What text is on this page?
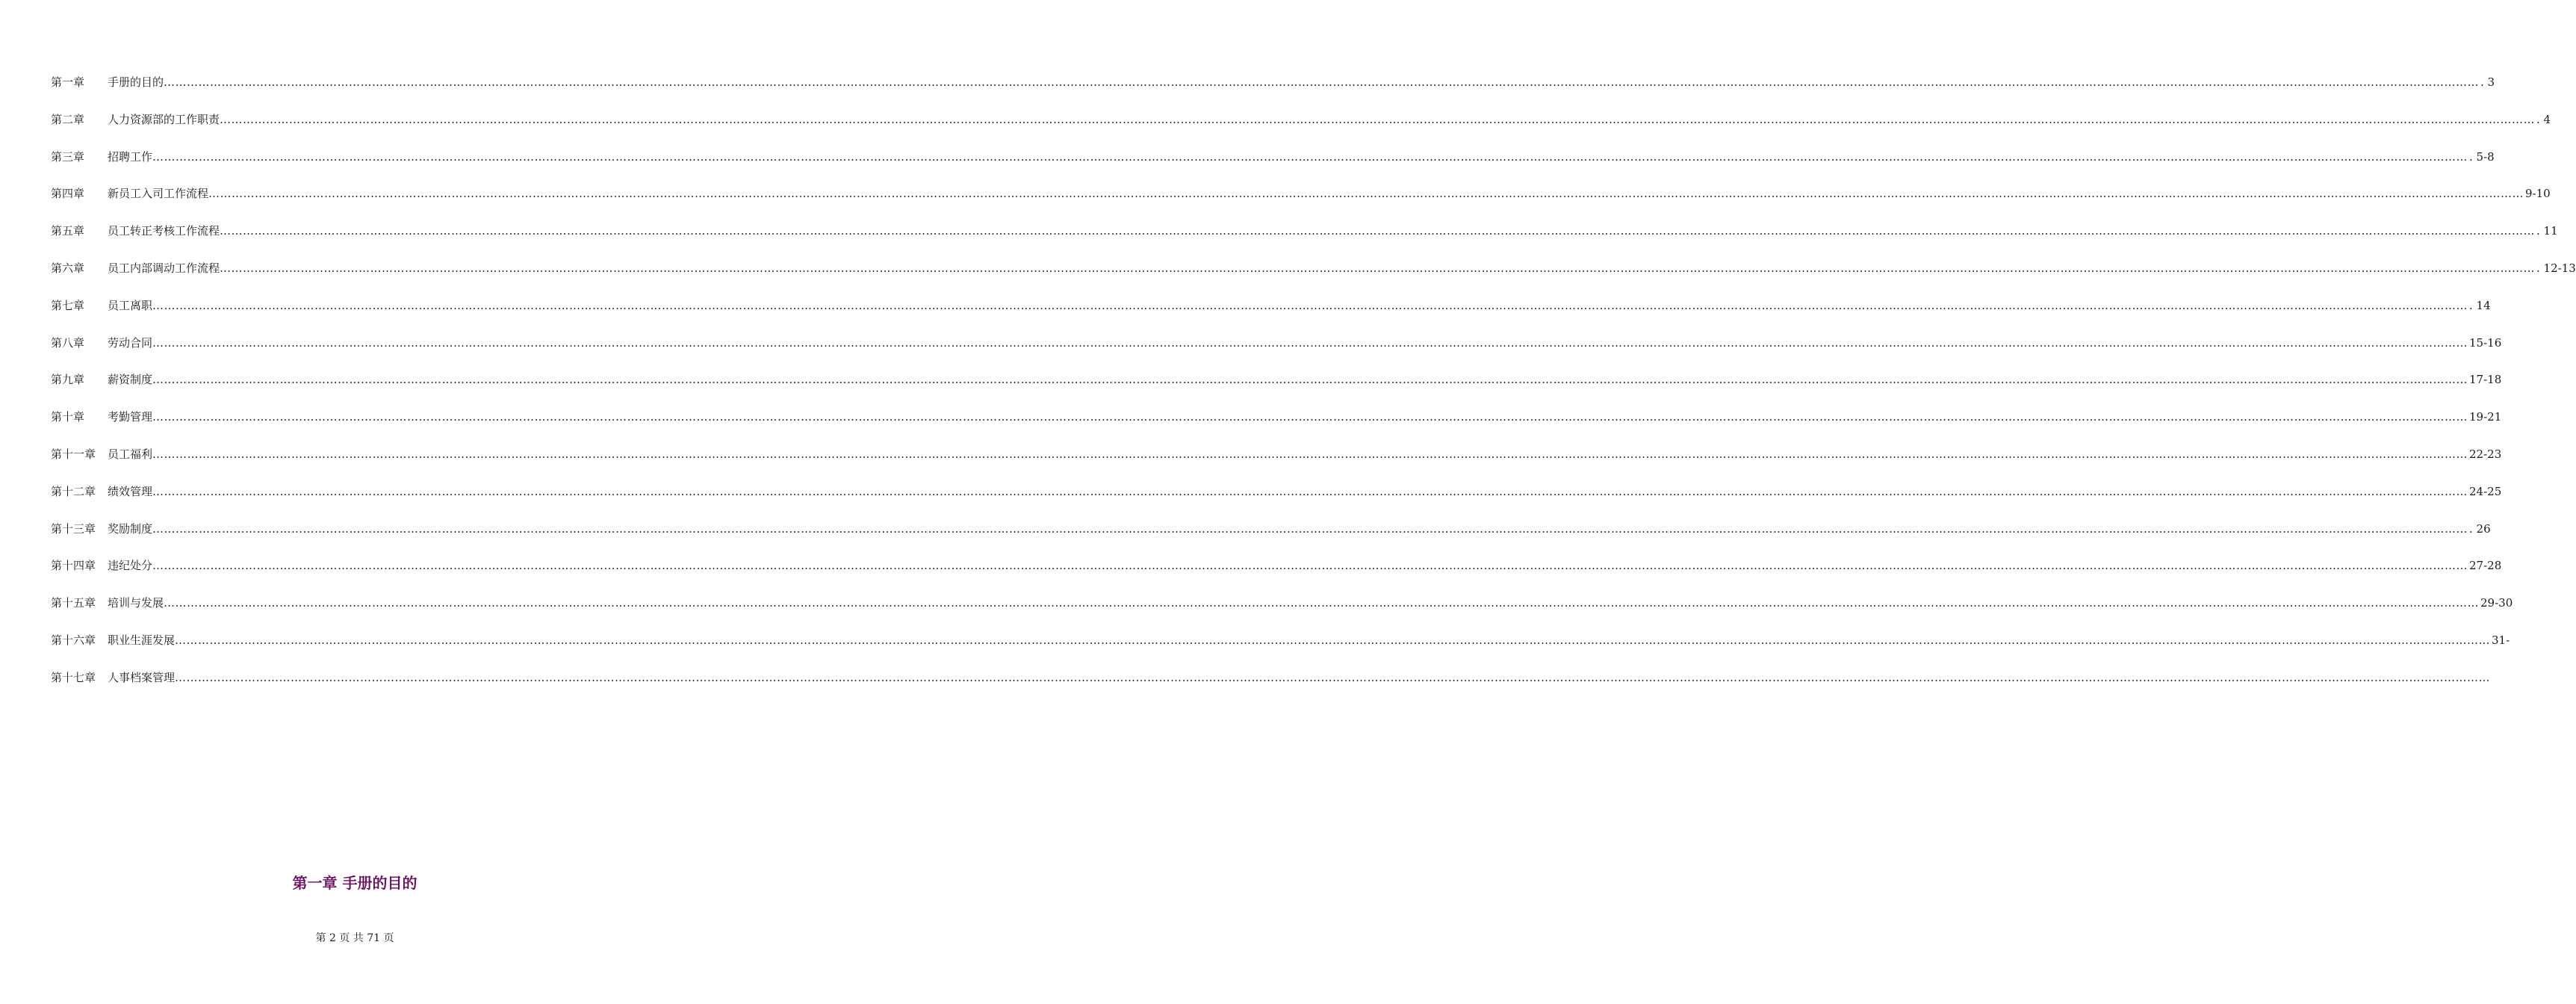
第一章	手册的目的 …………………………………………………………………………………………………………………………………………………………………………………………………………………………………………………………………………………………………………………………………………………………………………………………………………………………………………………………………………………………………………………………………………………… . 3
第二章	人力资源部的工作职责 …………………………………………………………………………………………………………………………………………………………………………………………………………………………………………………………………………………………………………………………………………………………………………………………………………………………………………………………………………………………………………………………………………………… . 4
第三章	招聘工作 …………………………………………………………………………………………………………………………………………………………………………………………………………………………………………………………………………………………………………………………………………………………………………………………………………………………………………………………………………………………………………………………………………………… . 5-8
第四章	新员工入司工作流程 …………………………………………………………………………………………………………………………………………………………………………………………………………………………………………………………………………………………………………………………………………………………………………………………………………………………………………………………………………………………………………………………………………………… 9-10
第五章	员工转正考核工作流程 …………………………………………………………………………………………………………………………………………………………………………………………………………………………………………………………………………………………………………………………………………………………………………………………………………………………………………………………………………………………………………………………………………………… . 11
第六章	员工内部调动工作流程 …………………………………………………………………………………………………………………………………………………………………………………………………………………………………………………………………………………………………………………………………………………………………………………………………………………………………………………………………………………………………………………………………………………… . 12-13
第七章	员工离职 …………………………………………………………………………………………………………………………………………………………………………………………………………………………………………………………………………………………………………………………………………………………………………………………………………………………………………………………………………………………………………………………………………………… . 14
第八章	劳动合同 …………………………………………………………………………………………………………………………………………………………………………………………………………………………………………………………………………………………………………………………………………………………………………………………………………………………………………………………………………………………………………………………………………………… 15-16
第九章	薪资制度 …………………………………………………………………………………………………………………………………………………………………………………………………………………………………………………………………………………………………………………………………………………………………………………………………………………………………………………………………………………………………………………………………………………… 17-18
第十章	考勤管理 …………………………………………………………………………………………………………………………………………………………………………………………………………………………………………………………………………………………………………………………………………………………………………………………………………………………………………………………………………………………………………………………………………………… 19-21
第十一章	员工福利 …………………………………………………………………………………………………………………………………………………………………………………………………………………………………………………………………………………………………………………………………………………………………………………………………………………………………………………………………………………………………………………………………………………… 22-23
第十二章	绩效管理 …………………………………………………………………………………………………………………………………………………………………………………………………………………………………………………………………………………………………………………………………………………………………………………………………………………………………………………………………………………………………………………………………………………… 24-25
第十三章	奖励制度 …………………………………………………………………………………………………………………………………………………………………………………………………………………………………………………………………………………………………………………………………………………………………………………………………………………………………………………………………………………………………………………………………………………… . 26
第十四章	违纪处分 …………………………………………………………………………………………………………………………………………………………………………………………………………………………………………………………………………………………………………………………………………………………………………………………………………………………………………………………………………………………………………………………………………………… 27-28
第十五章	培训与发展 …………………………………………………………………………………………………………………………………………………………………………………………………………………………………………………………………………………………………………………………………………………………………………………………………………………………………………………………………………………………………………………………………………………… 29-30
第十六章	职业生涯发展 …………………………………………………………………………………………………………………………………………………………………………………………………………………………………………………………………………………………………………………………………………………………………………………………………………………………………………………………………………………………………………………………………………………… 31-
第十七章	人事档案管理 ……………………………………………………………………………………………………………………………………………………………………………………………………………………………………………………………………………………………………………………………………………………………………………………………………………………………………………………………………………………………………………………………………………………
第一章 手册的目的
第 2 页 共 71 页
